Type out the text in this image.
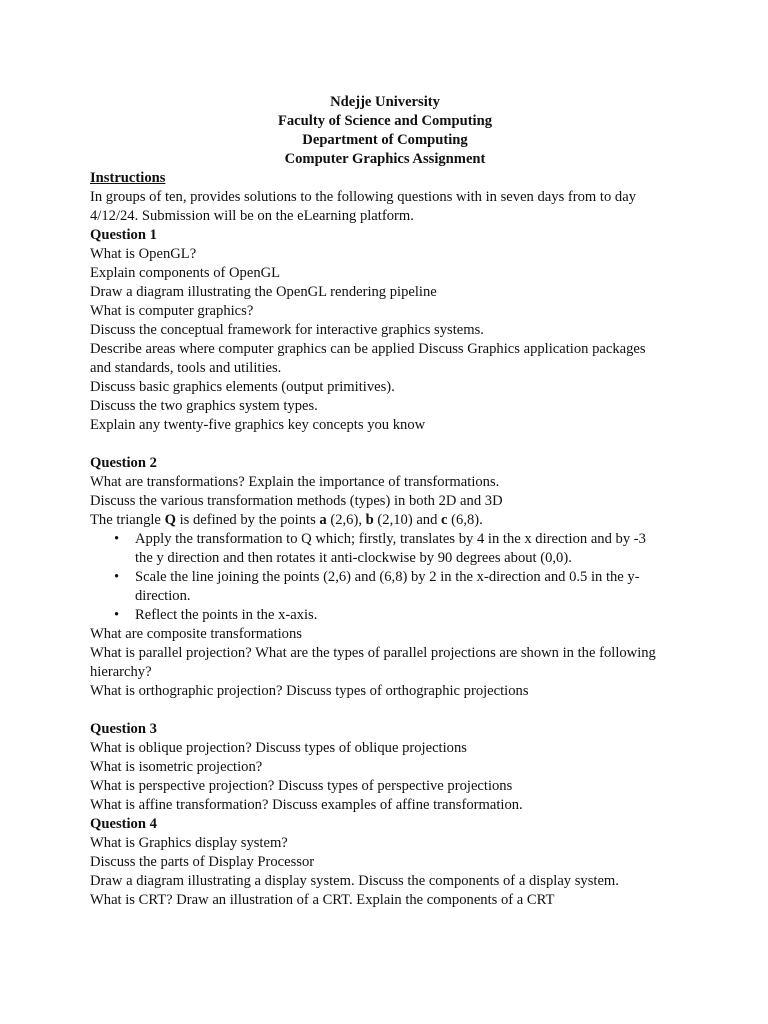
Ndejje University
Faculty of Science and Computing
Department of Computing
Computer Graphics Assignment
Instructions
In groups of ten, provides solutions to the following questions with in seven days from to day
4/12/24. Submission will be on the eLearning platform.
Question 1
What is OpenGL?
Explain components of OpenGL
Draw a diagram illustrating the OpenGL rendering pipeline
What is computer graphics?
Discuss the conceptual framework for interactive graphics systems.
Describe areas where computer graphics can be applied Discuss Graphics application packages
and standards, tools and utilities.
Discuss basic graphics elements (output primitives).
Discuss the two graphics system types.
Explain any twenty-five graphics key concepts you know
Question 2
What are transformations? Explain the importance of transformations.
Discuss the various transformation methods (types) in both 2D and 3D
The triangle Q is defined by the points a (2,6), b (2,10) and c (6,8).
• Apply the transformation to Q which; firstly, translates by 4 in the x direction and by -3
the y direction and then rotates it anti-clockwise by 90 degrees about (0,0).
• Scale the line joining the points (2,6) and (6,8) by 2 in the x-direction and 0.5 in the y-
direction.
• Reflect the points in the x-axis.
What are composite transformations
What is parallel projection? What are the types of parallel projections are shown in the following
hierarchy?
What is orthographic projection? Discuss types of orthographic projections
Question 3
What is oblique projection? Discuss types of oblique projections
What is isometric projection?
What is perspective projection? Discuss types of perspective projections
What is affine transformation? Discuss examples of affine transformation.
Question 4
What is Graphics display system?
Discuss the parts of Display Processor
Draw a diagram illustrating a display system. Discuss the components of a display system.
What is CRT? Draw an illustration of a CRT. Explain the components of a CRT
